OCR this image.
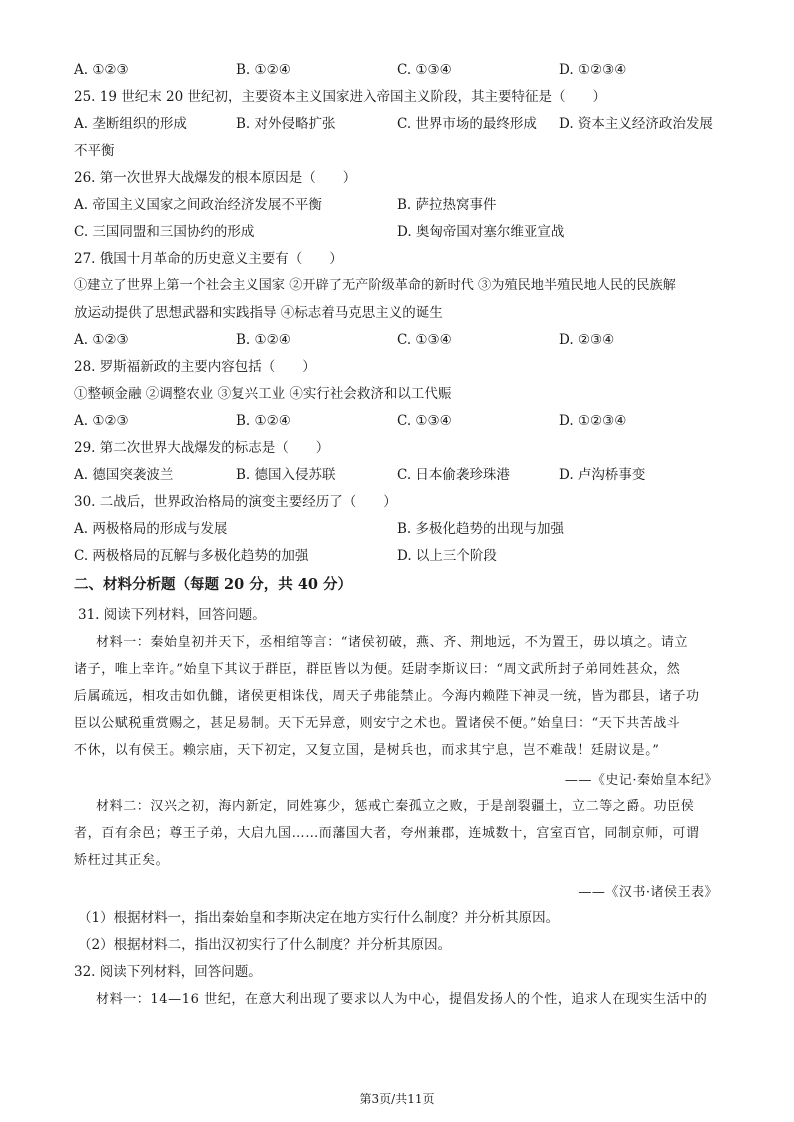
A. ①②③	B. ①②④	C. ①③④	D. ①②③④
25. 19 世纪末 20 世纪初，主要资本主义国家进入帝国主义阶段，其主要特征是（　　）
A. 垄断组织的形成	B. 对外侵略扩张	C. 世界市场的最终形成 D. 资本主义经济政治发展
不平衡
26. 第一次世界大战爆发的根本原因是（　　）
A. 帝国主义国家之间政治经济发展不平衡	B. 萨拉热窝事件
C. 三国同盟和三国协约的形成	D. 奥匈帝国对塞尔维亚宣战
27. 俄国十月革命的历史意义主要有（　　）
①建立了世界上第一个社会主义国家 ②开辟了无产阶级革命的新时代 ③为殖民地半殖民地人民的民族解
放运动提供了思想武器和实践指导 ④标志着马克思主义的诞生
A. ①②③	B. ①②④	C. ①③④	D. ②③④
28. 罗斯福新政的主要内容包括（　　）
①整顿金融 ②调整农业 ③复兴工业 ④实行社会救济和以工代赈
A. ①②③	B. ①②④	C. ①③④	D. ①②③④
29. 第二次世界大战爆发的标志是（　　）
A. 德国突袭波兰	B. 德国入侵苏联	C. 日本偷袭珍珠港	D. 卢沟桥事变
30. 二战后，世界政治格局的演变主要经历了（　　）
A. 两极格局的形成与发展	B. 多极化趋势的出现与加强
C. 两极格局的瓦解与多极化趋势的加强	D. 以上三个阶段
二、材料分析题（每题 20 分，共 40 分）
31. 阅读下列材料，回答问题。
材料一：秦始皇初并天下，丞相绾等言：“诸侯初破，燕、齐、荆地远，不为置王，毋以填之。请立
诸子，唯上幸许。”始皇下其议于群臣，群臣皆以为便。廷尉李斯议曰：“周文武所封子弟同姓甚众，然
后属疏远，相攻击如仇雠，诸侯更相诛伐，周天子弗能禁止。今海内赖陛下神灵一统，皆为郡县，诸子功
臣以公赋税重赏赐之，甚足易制。天下无异意，则安宁之术也。置诸侯不便。”始皇曰：“天下共苦战斗
不休，以有侯王。赖宗庙，天下初定，又复立国，是树兵也，而求其宁息，岂不难哉！廷尉议是。”
——《史记·秦始皇本纪》
材料二：汉兴之初，海内新定，同姓寡少，惩戒亡秦孤立之败，于是剖裂疆土，立二等之爵。功臣侯
者，百有余邑；尊王子弟，大启九国……而藩国大者，夸州兼郡，连城数十，宫室百官，同制京师，可谓
矫枉过其正矣。
——《汉书·诸侯王表》
（1）根据材料一，指出秦始皇和李斯决定在地方实行什么制度？并分析其原因。
（2）根据材料二，指出汉初实行了什么制度？并分析其原因。
32. 阅读下列材料，回答问题。
材料一：14—16 世纪，在意大利出现了要求以人为中心，提倡发扬人的个性，追求人在现实生活中的
第3页/共11页
